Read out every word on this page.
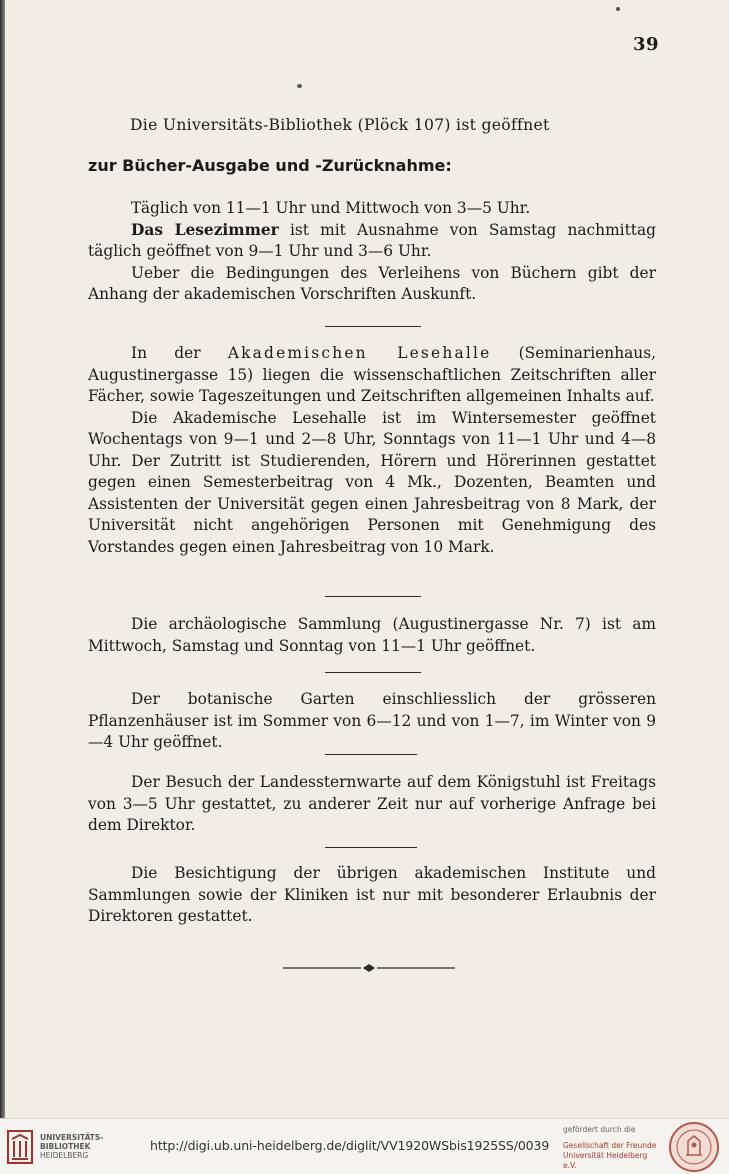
39

Die Universitäts-Bibliothek (Plöck 107) ist geöffnet

zur Bücher-Ausgabe und -Zurücknahme:

Täglich von 11—1 Uhr und Mittwoch von 3—5 Uhr.

Das Lesezimmer ist mit Ausnahme von Samstag nachmittag täglich geöffnet von 9—1 Uhr und 3—6 Uhr.

Ueber die Bedingungen des Verleihens von Büchern gibt der Anhang der akademischen Vorschriften Auskunft.

In der Akademischen Lesehalle (Seminarienhaus, Augustinergasse 15) liegen die wissenschaftlichen Zeitschriften aller Fächer, sowie Tageszeitungen und Zeitschriften allgemeinen Inhalts auf.

Die Akademische Lesehalle ist im Wintersemester geöffnet Wochentags von 9—1 und 2—8 Uhr, Sonntags von 11—1 Uhr und 4—8 Uhr. Der Zutritt ist Studierenden, Hörern und Hörerinnen gestattet gegen einen Semesterbeitrag von 4 Mk., Dozenten, Beamten und Assistenten der Universität gegen einen Jahresbeitrag von 8 Mark, der Universität nicht angehörigen Personen mit Genehmigung des Vorstandes gegen einen Jahresbeitrag von 10 Mark.

Die archäologische Sammlung (Augustinergasse Nr. 7) ist am Mittwoch, Samstag und Sonntag von 11—1 Uhr geöffnet.

Der botanische Garten einschliesslich der grösseren Pflanzenhäuser ist im Sommer von 6—12 und von 1—7, im Winter von 9—4 Uhr geöffnet.

Der Besuch der Landessternwarte auf dem Königstuhl ist Freitags von 3—5 Uhr gestattet, zu anderer Zeit nur auf vorherige Anfrage bei dem Direktor.

Die Besichtigung der übrigen akademischen Institute und Sammlungen sowie der Kliniken ist nur mit besonderer Erlaubnis der Direktoren gestattet.

UNIVERSITÄTS-
BIBLIOTHEK
HEIDELBERG
http://digi.ub.uni-heidelberg.de/diglit/VV1920WSbis1925SS/0039
gefördert durch die
Gesellschaft der Freunde
Universität Heidelberg e.V.
